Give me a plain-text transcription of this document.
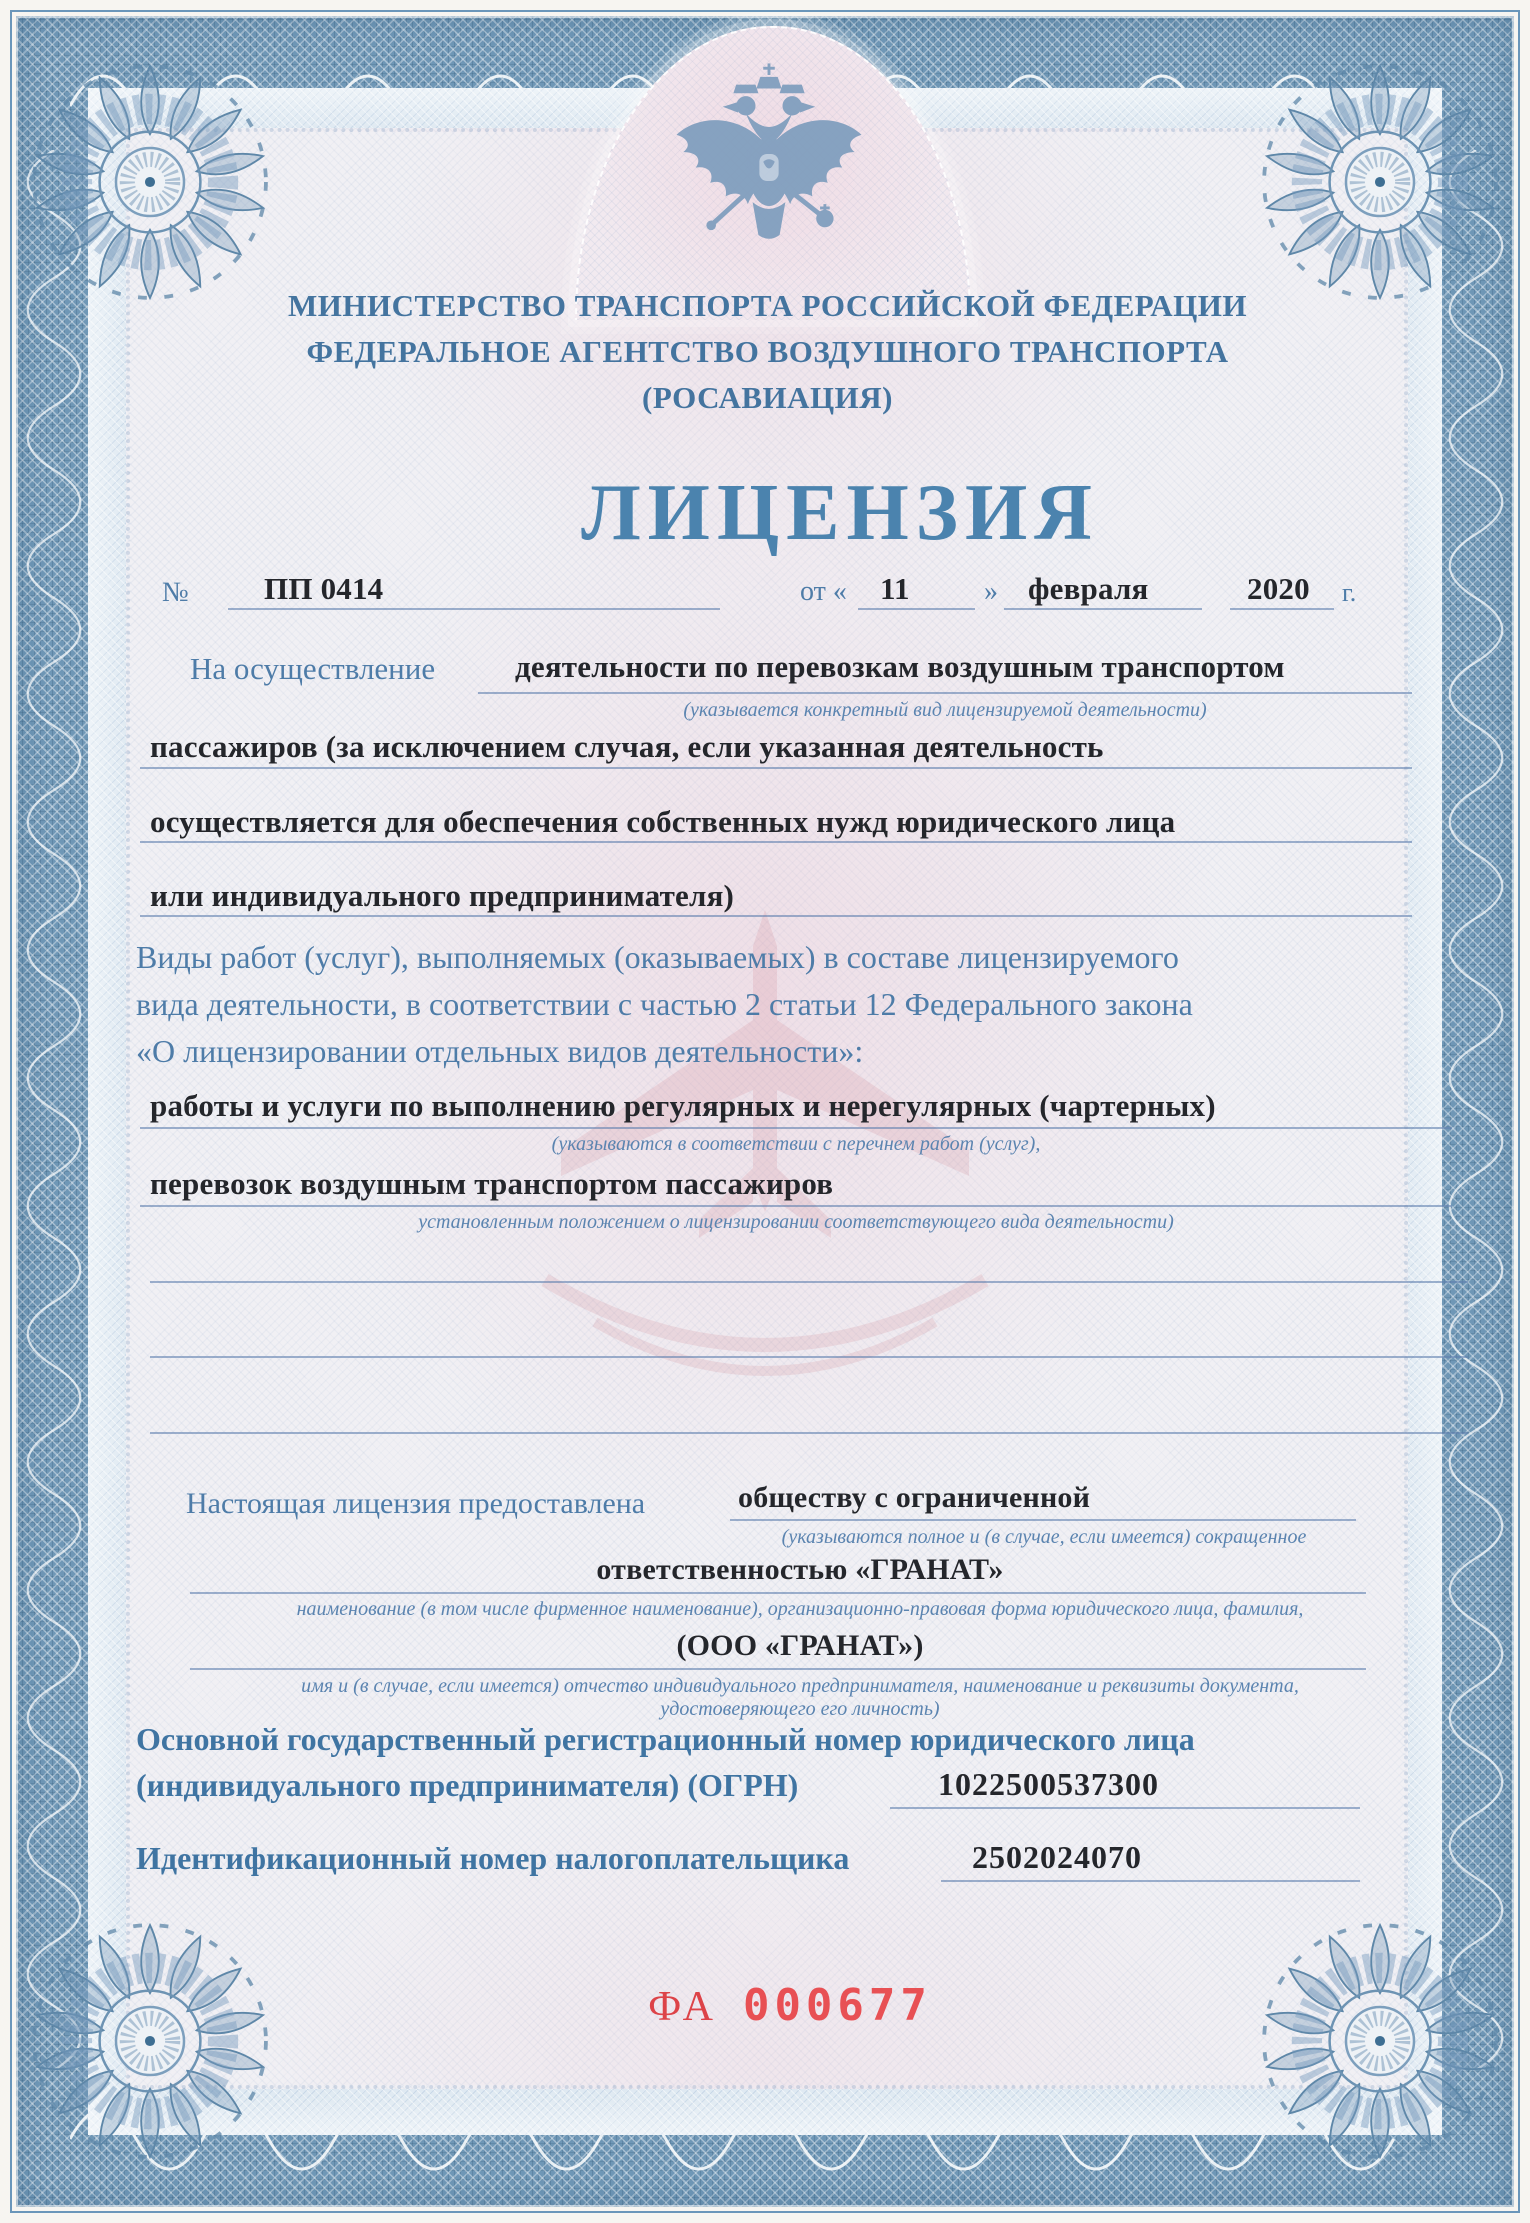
МИНИСТЕРСТВО ТРАНСПОРТА РОССИЙСКОЙ ФЕДЕРАЦИИ
ФЕДЕРАЛЬНОЕ АГЕНТСТВО ВОЗДУШНОГО ТРАНСПОРТА
(РОСАВИАЦИЯ)
ЛИЦЕНЗИЯ
№ ПП 0414	от « 11	» февраля	2020 г.
На осуществление	деятельности по перевозкам воздушным транспортом
(указывается конкретный вид лицензируемой деятельности)
пассажиров (за исключением случая, если указанная деятельность
осуществляется для обеспечения собственных нужд юридического лица
или индивидуального предпринимателя)
Виды работ (услуг), выполняемых (оказываемых) в составе лицензируемого
вида деятельности, в соответствии с частью 2 статьи 12 Федерального закона
«О лицензировании отдельных видов деятельности»:
работы и услуги по выполнению регулярных и нерегулярных (чартерных)
(указываются в соответствии с перечнем работ (услуг),
перевозок воздушным транспортом пассажиров
установленным положением о лицензировании соответствующего вида деятельности)
Настоящая лицензия предоставлена	обществу с ограниченной
(указываются полное и (в случае, если имеется) сокращенное
ответственностью «ГРАНАТ»
наименование (в том числе фирменное наименование), организационно-правовая форма юридического лица, фамилия,
(ООО «ГРАНАТ»)
имя и (в случае, если имеется) отчество индивидуального предпринимателя, наименование и реквизиты документа,
удостоверяющего его личность)
Основной государственный регистрационный номер юридического лица
(индивидуального предпринимателя) (ОГРН)	1022500537300
Идентификационный номер налогоплательщика	2502024070
ФА 000677
